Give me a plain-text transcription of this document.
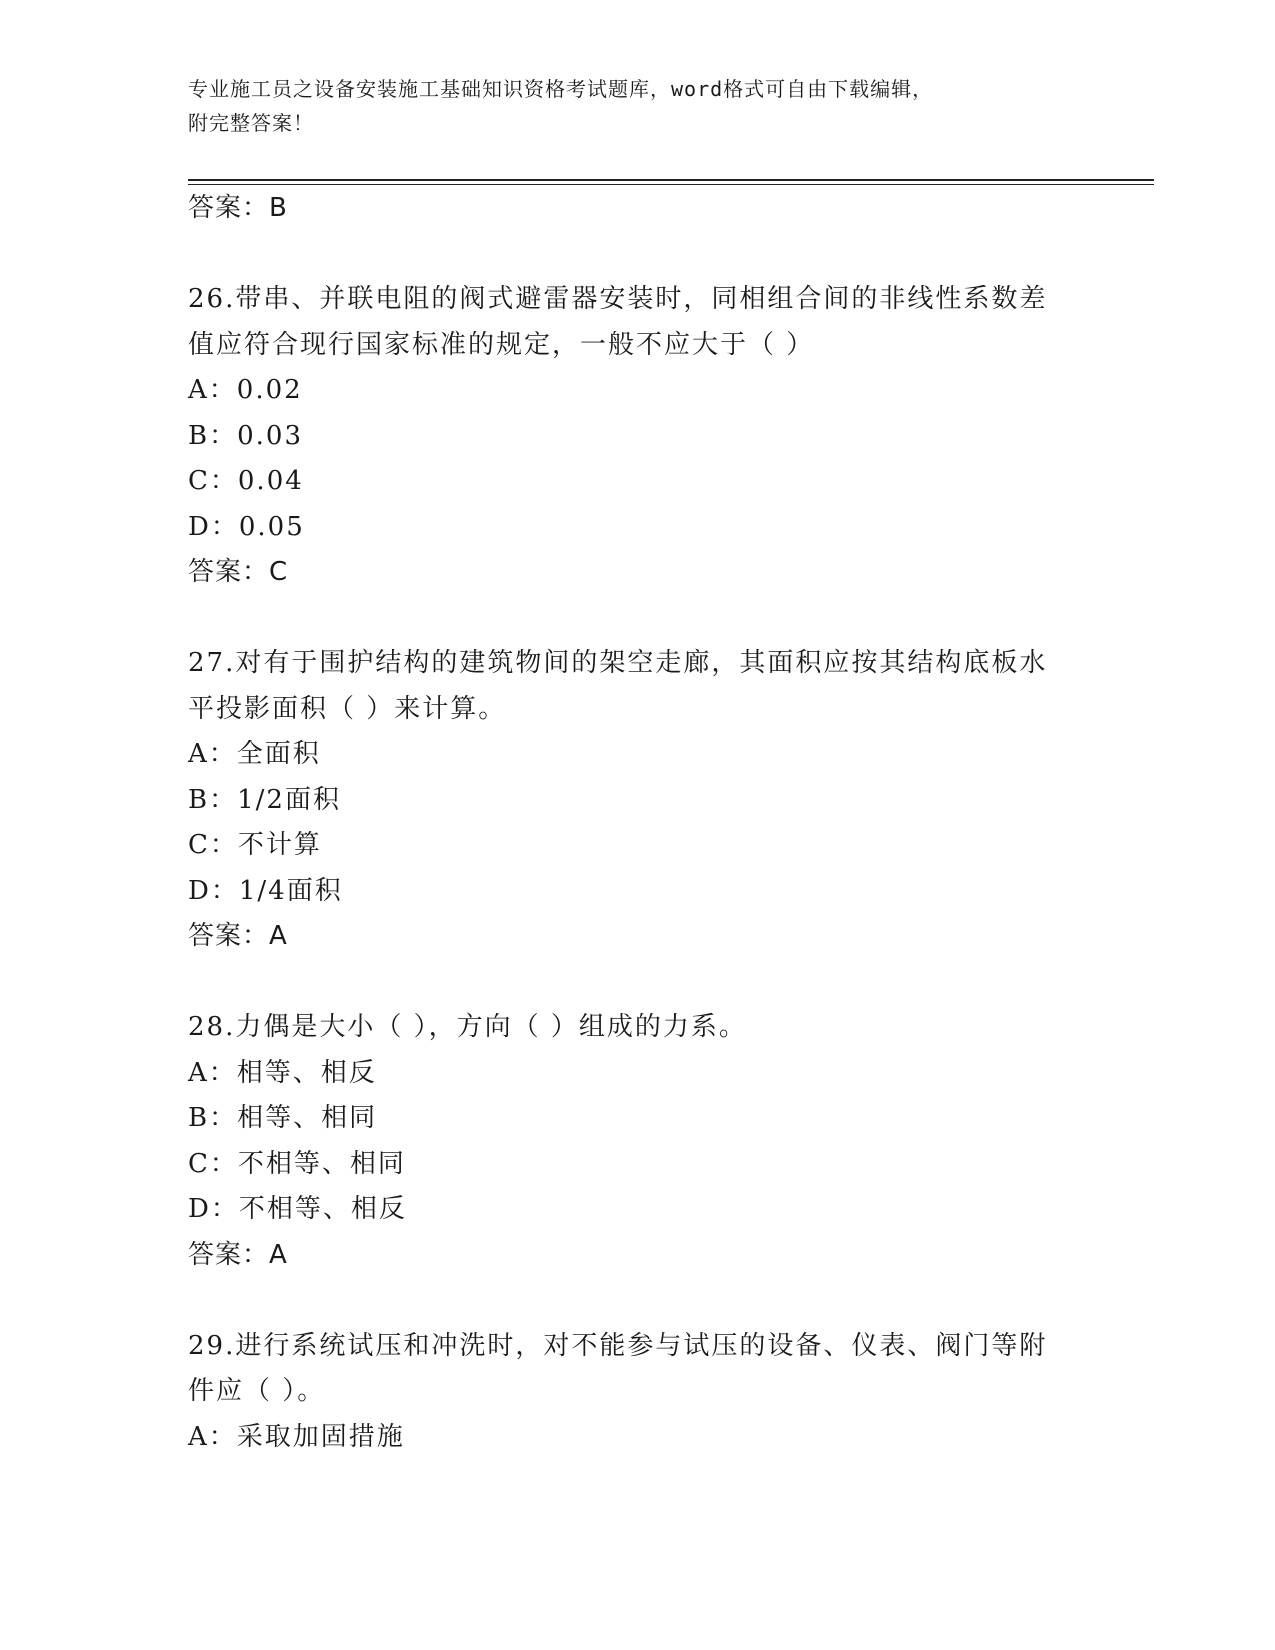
专业施工员之设备安装施工基础知识资格考试题库，word格式可自由下载编辑，
附完整答案！
答案：B
26.带串、并联电阻的阀式避雷器安装时，同相组合间的非线性系数差
值应符合现行国家标准的规定，一般不应大于（ ）
A：0.02
B：0.03
C：0.04
D：0.05
答案：C
27.对有于围护结构的建筑物间的架空走廊，其面积应按其结构底板水
平投影面积（ ）来计算。
A：全面积
B：1/2面积
C：不计算
D：1/4面积
答案：A
28.力偶是大小（ ），方向（ ）组成的力系。
A：相等、相反
B：相等、相同
C：不相等、相同
D：不相等、相反
答案：A
29.进行系统试压和冲洗时，对不能参与试压的设备、仪表、阀门等附
件应（ ）。
A：采取加固措施
